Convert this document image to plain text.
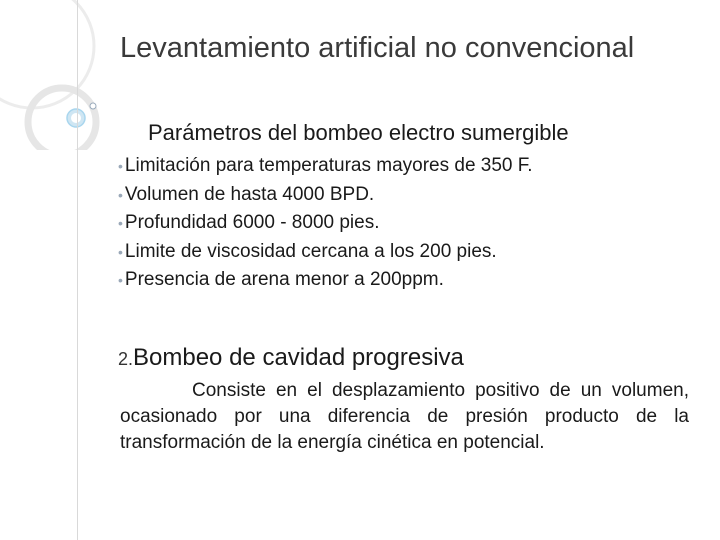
Levantamiento artificial no convencional
Parámetros del bombeo electro sumergible
• Limitación para temperaturas mayores de 350 F.
• Volumen de hasta 4000 BPD.
• Profundidad 6000 - 8000 pies.
• Limite de viscosidad cercana a los 200 pies.
• Presencia de arena menor a 200ppm.
2.Bombeo de cavidad progresiva

Consiste en el desplazamiento positivo de un volumen, ocasionado por una diferencia de presión producto de la transformación de la energía cinética en potencial.
